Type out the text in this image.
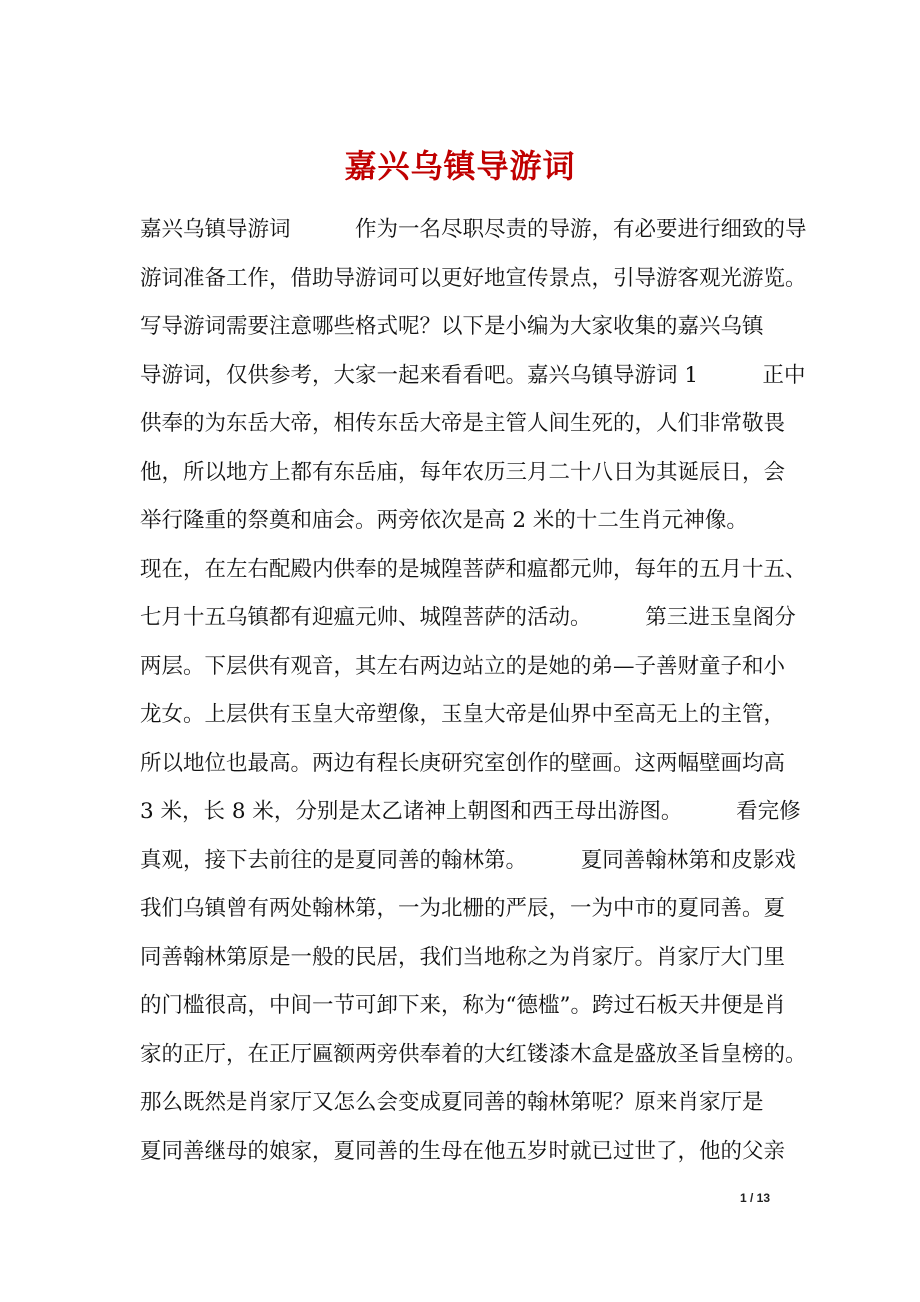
嘉兴乌镇导游词
嘉兴乌镇导游词　　　作为一名尽职尽责的导游，有必要进行细致的导
游词准备工作，借助导游词可以更好地宣传景点，引导游客观光游览。
写导游词需要注意哪些格式呢？以下是小编为大家收集的嘉兴乌镇
导游词，仅供参考，大家一起来看看吧。嘉兴乌镇导游词 1　　　正中
供奉的为东岳大帝，相传东岳大帝是主管人间生死的，人们非常敬畏
他，所以地方上都有东岳庙，每年农历三月二十八日为其诞辰日，会
举行隆重的祭奠和庙会。两旁依次是高 2 米的十二生肖元神像。
现在，在左右配殿内供奉的是城隍菩萨和瘟都元帅，每年的五月十五、
七月十五乌镇都有迎瘟元帅、城隍菩萨的活动。　　　第三进玉皇阁分
两层。下层供有观音，其左右两边站立的是她的弟—子善财童子和小
龙女。上层供有玉皇大帝塑像，玉皇大帝是仙界中至高无上的主管，
所以地位也最高。两边有程长庚研究室创作的壁画。这两幅壁画均高
3 米，长 8 米，分别是太乙诸神上朝图和西王母出游图。　　　看完修
真观，接下去前往的是夏同善的翰林第。　　　夏同善翰林第和皮影戏
我们乌镇曾有两处翰林第，一为北栅的严辰，一为中市的夏同善。夏
同善翰林第原是一般的民居，我们当地称之为肖家厅。肖家厅大门里
的门槛很高，中间一节可卸下来，称为“德槛”。跨过石板天井便是肖
家的正厅，在正厅匾额两旁供奉着的大红镂漆木盒是盛放圣旨皇榜的。
那么既然是肖家厅又怎么会变成夏同善的翰林第呢？原来肖家厅是
夏同善继母的娘家，夏同善的生母在他五岁时就已过世了，他的父亲
1 / 13
